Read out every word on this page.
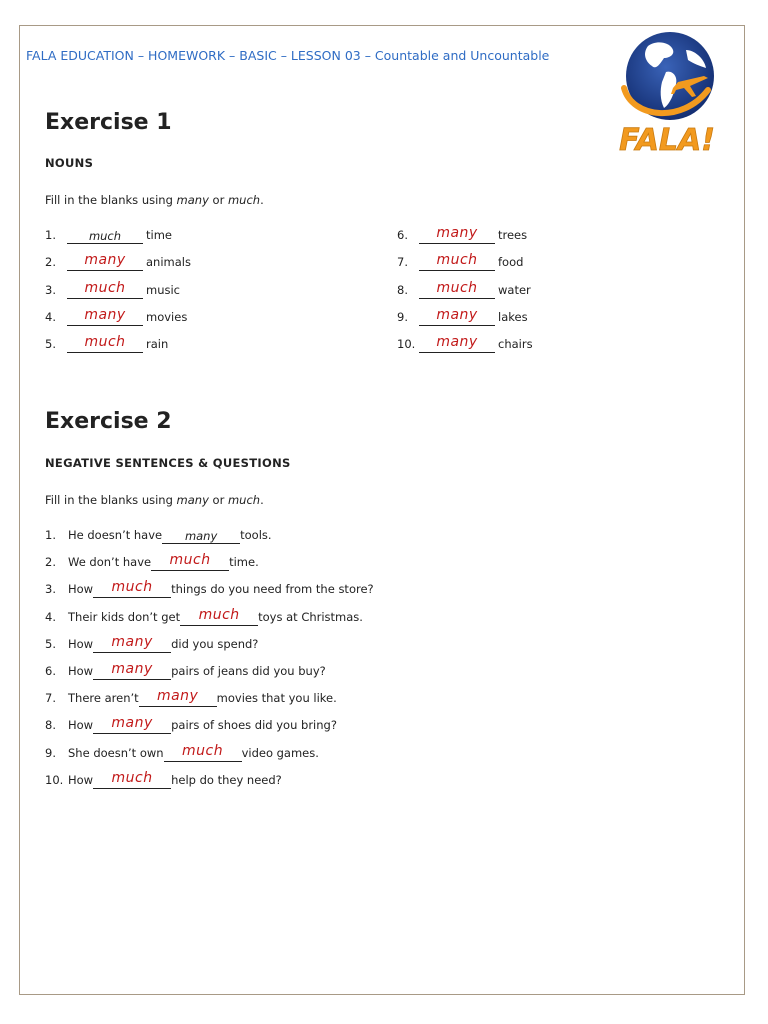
FALA EDUCATION – HOMEWORK – BASIC – LESSON 03 – Countable and Uncountable
FALA!
Exercise 1
NOUNS
Fill in the blanks using many or much.
1.	much time
2. many animals
3. much music
4. many movies
5. much rain
6. many trees
7. much food
8. much water
9. many lakes
10. many chairs
Exercise 2
NEGATIVE SENTENCES & QUESTIONS
Fill in the blanks using many or much.
1. He doesn’t have many tools.
2. We don’t have much time.
3. How much things do you need from the store?
4. Their kids don’t get much toys at Christmas.
5. How many did you spend?
6. How many pairs of jeans did you buy?
7. There aren’t many movies that you like.
8. How many pairs of shoes did you bring?
9. She doesn’t own much video games.
10. How much help do they need?
